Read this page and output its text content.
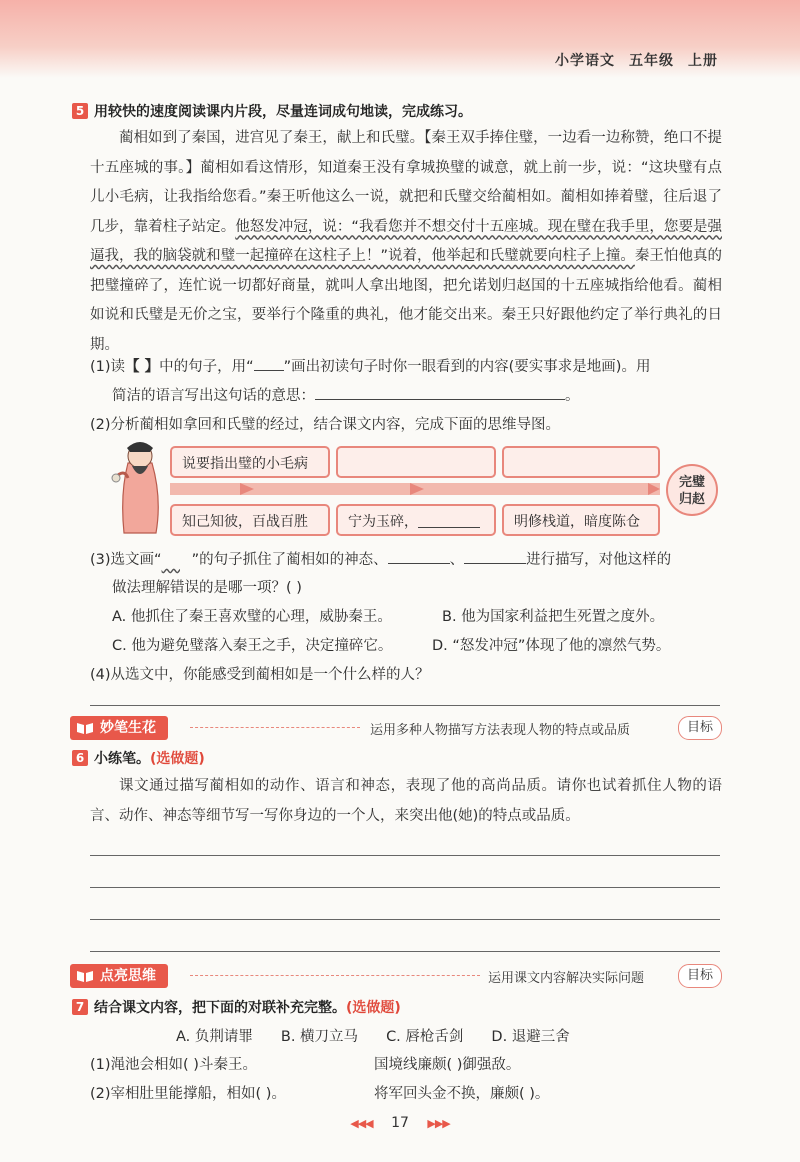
小学语文 五年级 上册
5 用较快的速度阅读课内片段，尽量连词成句地读，完成练习。

蔺相如到了秦国，进宫见了秦王，献上和氏璧。【秦王双手捧住璧，一边看一边称赞，绝口不提十五座城的事。】蔺相如看这情形，知道秦王没有拿城换璧的诚意，就上前一步，说：“这块璧有点儿小毛病，让我指给您看。”秦王听他这么一说，就把和氏璧交给蔺相如。蔺相如捧着璧，往后退了几步，靠着柱子站定。他怒发冲冠，说：“我看您并不想交付十五座城。现在璧在我手里，您要是强逼我，我的脑袋就和璧一起撞碎在这柱子上！”说着，他举起和氏璧就要向柱子上撞。秦王怕他真的把璧撞碎了，连忙说一切都好商量，就叫人拿出地图，把允诺划归赵国的十五座城指给他看。蔺相如说和氏璧是无价之宝，要举行个隆重的典礼，他才能交出来。秦王只好跟他约定了举行典礼的日期。

(1)读【 】中的句子，用“ ”画出初读句子时你一眼看到的内容(要实事求是地画)。用
简洁的语言写出这句话的意思：	。
(2)分析蔺相如拿回和氏璧的经过，结合课文内容，完成下面的思维导图。
说要指出璧的小毛病
知己知彼，百战百胜	宁为玉碎，	明修栈道，暗度陈仓
完璧
归赵
(3)选文画“ ”的句子抓住了蔺相如的神态、	、	进行描写，对他这样的
做法理解错误的是哪一项？( )
A. 他抓住了秦王喜欢璧的心理，威胁秦王。	B. 他为国家利益把生死置之度外。
C. 他为避免璧落入秦王之手，决定撞碎它。	D. “怒发冲冠”体现了他的凛然气势。
(4)从选文中，你能感受到蔺相如是一个什么样的人？
妙笔生花	运用多种人物描写方法表现人物的特点或品质	目标
6 小练笔。(选做题)

课文通过描写蔺相如的动作、语言和神态，表现了他的高尚品质。请你也试着抓住人物的语言、动作、神态等细节写一写你身边的一个人，来突出他(她)的特点或品质。

点亮思维	运用课文内容解决实际问题	目标
7 结合课文内容，把下面的对联补充完整。(选做题)
A. 负荆请罪 B. 横刀立马 C. 唇枪舌剑 D. 退避三舍
(1)渑池会相如( )斗秦王。	国境线廉颇( )御强敌。
(2)宰相肚里能撑船，相如( )。	将军回头金不换，廉颇( )。
◀◀◀ 17 ▶▶▶
